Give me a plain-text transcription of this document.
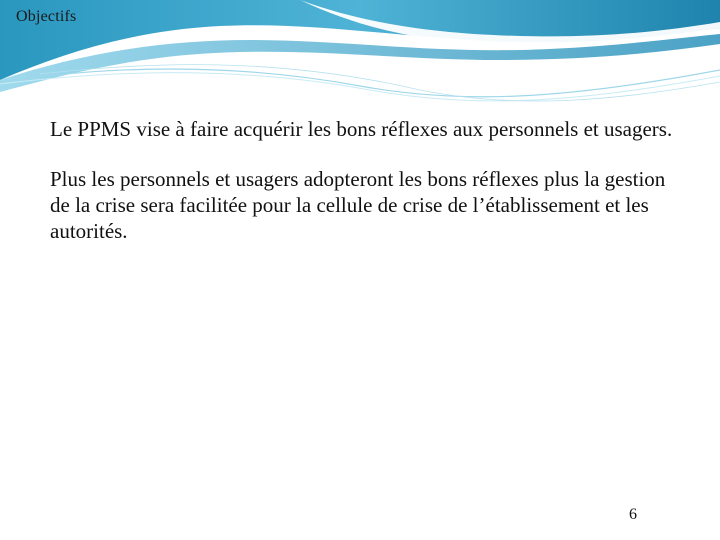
Objectifs

Le PPMS vise à faire acquérir les bons réflexes aux personnels et usagers.

Plus les personnels et usagers adopteront les bons réflexes plus la gestion de la crise sera facilitée pour la cellule de crise de l’établissement et les autorités.

6
